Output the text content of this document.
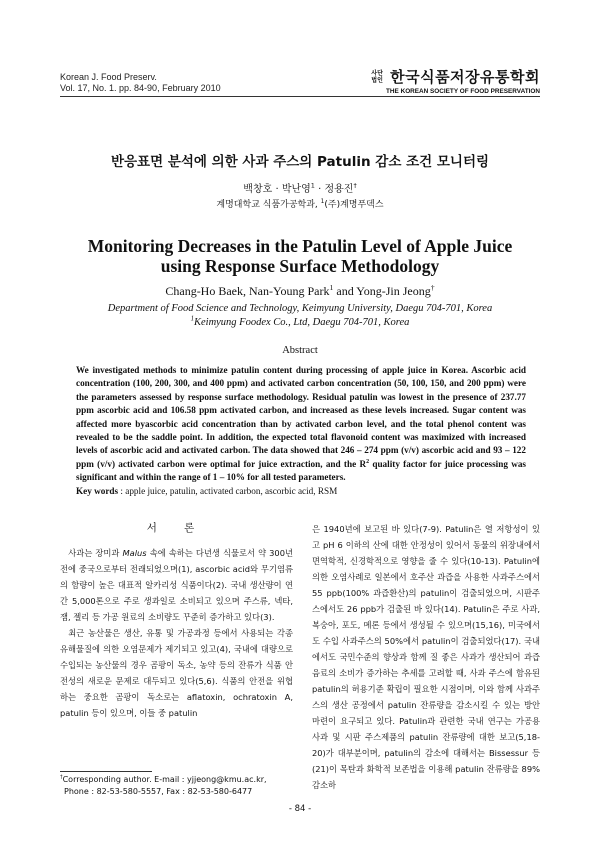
Korean J. Food Preserv.
Vol. 17, No. 1. pp. 84-90, February 2010
사단 법인 한국식품저장유통학회
THE KOREAN SOCIETY OF FOOD PRESERVATION
반응표면 분석에 의한 사과 주스의 Patulin 감소 조건 모니터링
백창호 · 박난영$^1$ · 정용진†
계명대학교 식품가공학과, $^1$(주)계명푸덱스
Monitoring Decreases in the Patulin Level of Apple Juice using Response Surface Methodology
Chang-Ho Baek, Nan-Young Park$^1$ and Yong-Jin Jeong†
Department of Food Science and Technology, Keimyung University, Daegu 704-701, Korea
$^1$Keimyung Foodex Co., Ltd, Daegu 704-701, Korea
Abstract
We investigated methods to minimize patulin content during processing of apple juice in Korea. Ascorbic acid concentration (100, 200, 300, and 400 ppm) and activated carbon concentration (50, 100, 150, and 200 ppm) were the parameters assessed by response surface methodology. Residual patulin was lowest in the presence of 237.77 ppm ascorbic acid and 106.58 ppm activated carbon, and increased as these levels increased. Sugar content was affected more byascorbic acid concentration than by activated carbon level, and the total phenol content was revealed to be the saddle point. In addition, the expected total flavonoid content was maximized with increased levels of ascorbic acid and activated carbon. The data showed that 246 – 274 ppm (v/v) ascorbic acid and 93 – 122 ppm (v/v) activated carbon were optimal for juice extraction, and the $R^2$ quality factor for juice processing was significant and within the range of 1 – 10% for all tested parameters.
Key words : apple juice, patulin, activated carbon, ascorbic acid, RSM
서 론

사과는 장미과 Malus 속에 속하는 다년생 식물로서 약 300년 전에 중국으로부터 전래되었으며(1), ascorbic acid와 무기염류의 함량이 높은 대표적 알카리성 식품이다(2). 국내 생산량이 연간 5,000톤으로 주로 생과일로 소비되고 있으며 주스류, 넥타, 잼, 젤리 등 가공 원료의 소비량도 꾸준히 증가하고 있다(3).

최근 농산물은 생산, 유통 및 가공과정 등에서 사용되는 각종 유해물질에 의한 오염문제가 제기되고 있고(4), 국내에 대량으로 수입되는 농산물의 경우 곰팡이 독소, 농약 등의 잔류가 식품 안전성의 새로운 문제로 대두되고 있다(5,6). 식품의 안전을 위협하는 중요한 곰팡이 독소로는 aflatoxin, ochratoxin A, patulin 등이 있으며, 이들 중 patulin

은 1940년에 보고된 바 있다(7-9). Patulin은 열 저항성이 있고 pH 6 이하의 산에 대한 안정성이 있어서 동물의 위장내에서 면역학적, 신경학적으로 영향을 줄 수 있다(10-13). Patulin에 의한 오염사례로 일본에서 호주산 과즙을 사용한 사과주스에서 55 ppb(100% 과즙환산)의 patulin이 검출되었으며, 시판주스에서도 26 ppb가 검출된 바 있다(14). Patulin은 주로 사과, 복숭아, 포도, 메론 등에서 생성될 수 있으며(15,16), 미국에서도 수입 사과주스의 50%에서 patulin이 검출되었다(17). 국내에서도 국민수준의 향상과 함께 질 좋은 사과가 생산되어 과즙음료의 소비가 증가하는 추세를 고려할 때, 사과 주스에 함유된 patulin의 허용기준 확립이 필요한 시점이며, 이와 함께 사과주스의 생산 공정에서 patulin 잔류량을 감소시킬 수 있는 방안 마련이 요구되고 있다. Patulin과 관련한 국내 연구는 가공용 사과 및 시판 주스제품의 patulin 잔류량에 대한 보고(5,18-20)가 대부분이며, patulin의 감소에 대해서는 Bissessur 등(21)이 목탄과 화학적 보존법을 이용해 patulin 잔류량을 89% 감소하

†Corresponding author. E-mail : yjjeong@kmu.ac.kr,
Phone : 82-53-580-5557, Fax : 82-53-580-6477
- 84 -
